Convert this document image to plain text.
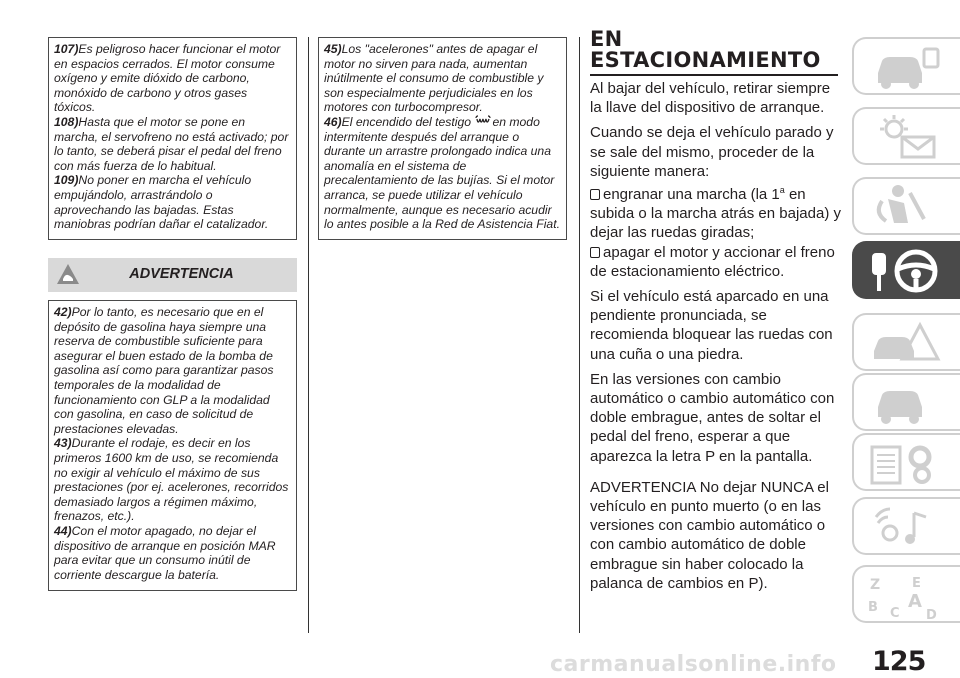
107)Es peligroso hacer funcionar el motor en espacios cerrados. El motor consume oxígeno y emite dióxido de carbono, monóxido de carbono y otros gases tóxicos.

108)Hasta que el motor se pone en marcha, el servofreno no está activado; por lo tanto, se deberá pisar el pedal del freno con más fuerza de lo habitual.

109)No poner en marcha el vehículo empujándolo, arrastrándolo o aprovechando las bajadas. Estas maniobras podrían dañar el catalizador.

ADVERTENCIA

42)Por lo tanto, es necesario que en el depósito de gasolina haya siempre una reserva de combustible suficiente para asegurar el buen estado de la bomba de gasolina así como para garantizar pasos temporales de la modalidad de funcionamiento con GLP a la modalidad con gasolina, en caso de solicitud de prestaciones elevadas.

43)Durante el rodaje, es decir en los primeros 1600 km de uso, se recomienda no exigir al vehículo el máximo de sus prestaciones (por ej. acelerones, recorridos demasiado largos a régimen máximo, frenazos, etc.).

44)Con el motor apagado, no dejar el dispositivo de arranque en posición MAR para evitar que un consumo inútil de corriente descargue la batería.

45)Los "acelerones" antes de apagar el motor no sirven para nada, aumentan inútilmente el consumo de combustible y son especialmente perjudiciales en los motores con turbocompresor.

46)El encendido del testigo en modo intermitente después del arranque o durante un arrastre prolongado indica una anomalía en el sistema de precalentamiento de las bujías. Si el motor arranca, se puede utilizar el vehículo normalmente, aunque es necesario acudir lo antes posible a la Red de Asistencia Fiat.

EN
ESTACIONAMIENTO

Al bajar del vehículo, retirar siempre la llave del dispositivo de arranque.

Cuando se deja el vehículo parado y se sale del mismo, proceder de la siguiente manera:

engranar una marcha (la 1$^a$ en subida o la marcha atrás en bajada) y dejar las ruedas giradas;

apagar el motor y accionar el freno de estacionamiento eléctrico.

Si el vehículo está aparcado en una pendiente pronunciada, se recomienda bloquear las ruedas con una cuña o una piedra.

En las versiones con cambio automático o cambio automático con doble embrague, antes de soltar el pedal del freno, esperar a que aparezca la letra P en la pantalla.

ADVERTENCIA No dejar NUNCA el vehículo en punto muerto (o en las versiones con cambio automático o con cambio automático de doble embrague sin haber colocado la palanca de cambios en P).	Z E
B C
A
D
carmanualsonline.info 125
